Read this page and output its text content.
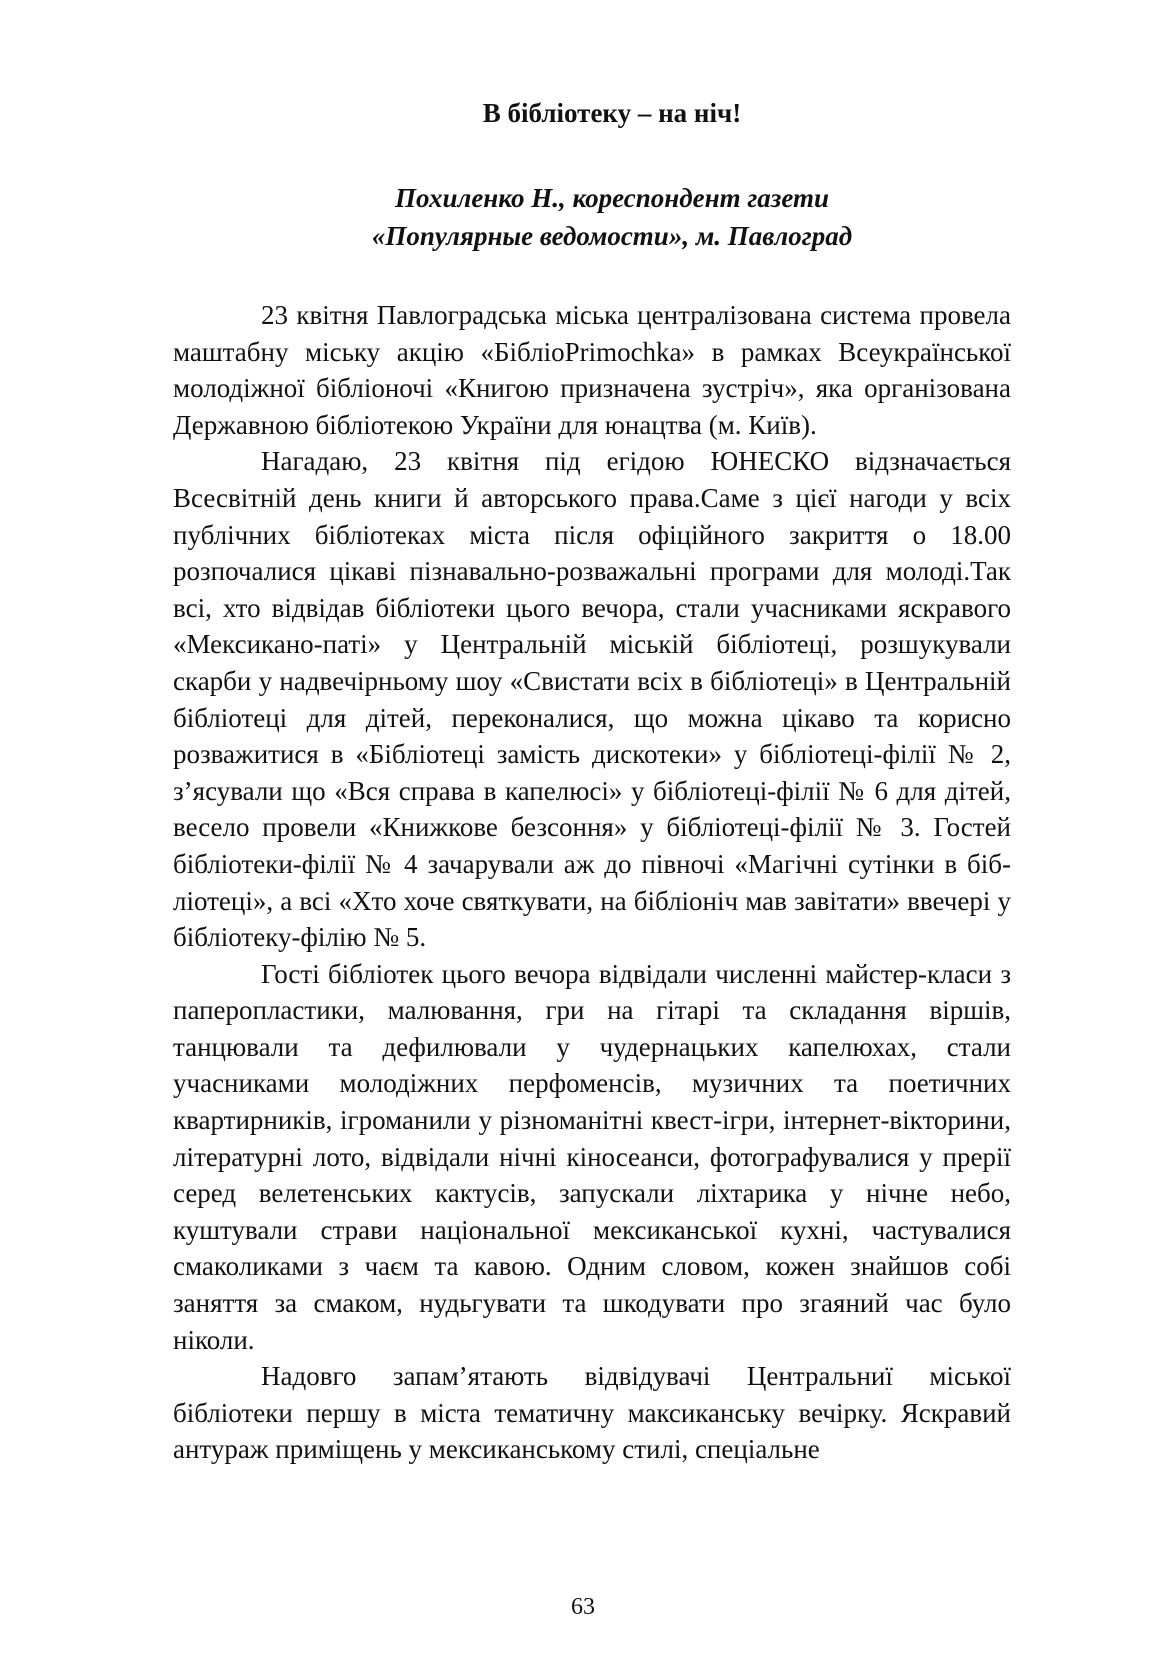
В бібліотеку – на ніч!
Похиленко Н., кореспондент газети
«Популярные ведомости», м. Павлоград

23 квітня Павлоградська міська централізована система провела маштабну міську акцію «БібліоPrimochka» в рамках Всеукраїнської молодіжної бібліоночі «Книгою призначена зустріч», яка організована Державною бібліотекою України для юнацтва (м. Київ).

Нагадаю, 23 квітня під егідою ЮНЕСКО відзначається Всесвітній день книги й авторського права.Саме з цієї нагоди у всіх публічних бібліотеках міста після офіційного закриття о 18.00 розпочалися цікаві пізнавально-розважальні програми для молоді.Так всі, хто відвідав бібліотеки цього вечора, стали учасниками яскравого «Мексикано-паті» у Центральній міській бібліотеці, розшукували скарби у надвечірньому шоу «Свистати всіх в бібліотеці» в Центральній бібліотеці для дітей, переконалися, що можна цікаво та корисно розважитися в «Бібліотеці замість дискотеки» у бібліотеці-філії № 2, з’ясували що «Вся справа в капелюсі» у бібліотеці-філії № 6 для дітей, весело провели «Книжкове безсоння» у бібліотеці-філії № 3. Гостей бібліотеки-філії № 4 зачарували аж до півночі «Магічні сутінки в бібліотеці», а всі «Хто хоче святкувати, на бібліоніч мав завітати» ввечері у бібліотеку-філію № 5.

Гості бібліотек цього вечора відвідали численні майстер-класи з паперопластики, малювання, гри на гітарі та складання віршів, танцювали та дефилювали у чудернацьких капелюхах, стали учасниками молодіжних перфоменсів, музичних та поетичних квартирників, ігроманили у різноманітні квест-ігри, інтернет-вікторини, літературні лото, відвідали нічні кіносеанси, фотографувалися у прерії серед велетенських кактусів, запускали ліхтарика у нічне небо, куштували страви національної мексиканської кухні, частувалися смаколиками з чаєм та кавою. Одним словом, кожен знайшов собі заняття за смаком, нудьгувати та шкодувати про згаяний час було ніколи.

Надовго запам’ятають відвідувачі Центральниї міської бібліотеки першу в міста тематичну максиканську вечірку. Яскравий антураж приміщень у мексиканському стилі, спеціальне

63
